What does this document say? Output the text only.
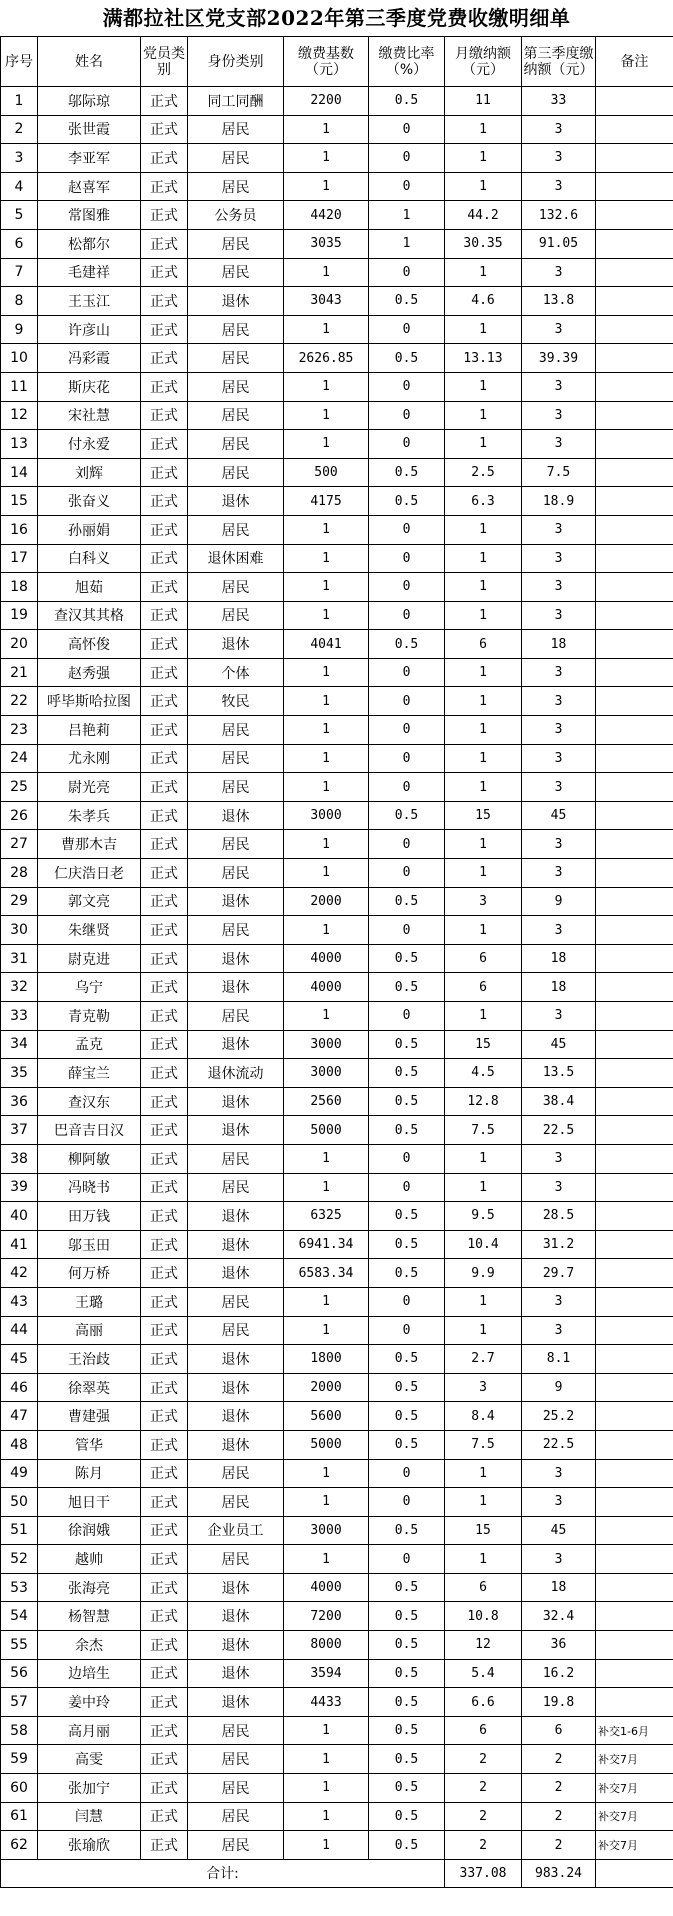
满都拉社区党支部2022年第三季度党费收缴明细单
序号	姓名	党员类别	身份类别	缴费基数（元）	缴费比率（%）	月缴纳额（元）	第三季度缴纳额（元）	备注
1	邬际琼	正式	同工同酬	2200	0.5	11	33	
2	张世霞	正式	居民	1	0	1	3	
3	李亚军	正式	居民	1	0	1	3	
4	赵喜军	正式	居民	1	0	1	3	
5	常图雅	正式	公务员	4420	1	44.2	132.6	
6	松都尔	正式	居民	3035	1	30.35	91.05	
7	毛建祥	正式	居民	1	0	1	3	
8	王玉江	正式	退休	3043	0.5	4.6	13.8	
9	许彦山	正式	居民	1	0	1	3	
10	冯彩霞	正式	居民	2626.85	0.5	13.13	39.39	
11	斯庆花	正式	居民	1	0	1	3	
12	宋社慧	正式	居民	1	0	1	3	
13	付永爱	正式	居民	1	0	1	3	
14	刘辉	正式	居民	500	0.5	2.5	7.5	
15	张奋义	正式	退休	4175	0.5	6.3	18.9	
16	孙丽娟	正式	居民	1	0	1	3	
17	白科义	正式	退休困难	1	0	1	3	
18	旭茹	正式	居民	1	0	1	3	
19	查汉其其格	正式	居民	1	0	1	3	
20	高怀俊	正式	退休	4041	0.5	6	18	
21	赵秀强	正式	个体	1	0	1	3	
22	呼毕斯哈拉图	正式	牧民	1	0	1	3	
23	吕艳莉	正式	居民	1	0	1	3	
24	尤永刚	正式	居民	1	0	1	3	
25	尉光亮	正式	居民	1	0	1	3	
26	朱孝兵	正式	退休	3000	0.5	15	45	
27	曹那木吉	正式	居民	1	0	1	3	
28	仁庆浩日老	正式	居民	1	0	1	3	
29	郭文亮	正式	退休	2000	0.5	3	9	
30	朱继贤	正式	居民	1	0	1	3	
31	尉克进	正式	退休	4000	0.5	6	18	
32	乌宁	正式	退休	4000	0.5	6	18	
33	青克勒	正式	居民	1	0	1	3	
34	孟克	正式	退休	3000	0.5	15	45	
35	薛宝兰	正式	退休流动	3000	0.5	4.5	13.5	
36	查汉东	正式	退休	2560	0.5	12.8	38.4	
37	巴音吉日汉	正式	退休	5000	0.5	7.5	22.5	
38	柳阿敏	正式	居民	1	0	1	3	
39	冯晓书	正式	居民	1	0	1	3	
40	田万钱	正式	退休	6325	0.5	9.5	28.5	
41	邬玉田	正式	退休	6941.34	0.5	10.4	31.2	
42	何万桥	正式	退休	6583.34	0.5	9.9	29.7	
43	王璐	正式	居民	1	0	1	3	
44	高丽	正式	居民	1	0	1	3	
45	王治歧	正式	退休	1800	0.5	2.7	8.1	
46	徐翠英	正式	退休	2000	0.5	3	9	
47	曹建强	正式	退休	5600	0.5	8.4	25.2	
48	管华	正式	退休	5000	0.5	7.5	22.5	
49	陈月	正式	居民	1	0	1	3	
50	旭日干	正式	居民	1	0	1	3	
51	徐润娥	正式	企业员工	3000	0.5	15	45	
52	越帅	正式	居民	1	0	1	3	
53	张海亮	正式	退休	4000	0.5	6	18	
54	杨智慧	正式	退休	7200	0.5	10.8	32.4	
55	余杰	正式	退休	8000	0.5	12	36	
56	边培生	正式	退休	3594	0.5	5.4	16.2	
57	姜中玲	正式	退休	4433	0.5	6.6	19.8	
58	高月丽	正式	居民	1	0.5	6	6	补交1-6月
59	高雯	正式	居民	1	0.5	2	2	补交7月
60	张加宁	正式	居民	1	0.5	2	2	补交7月
61	闫慧	正式	居民	1	0.5	2	2	补交7月
62	张瑜欣	正式	居民	1	0.5	2	2	补交7月
合计:						337.08	983.24	
